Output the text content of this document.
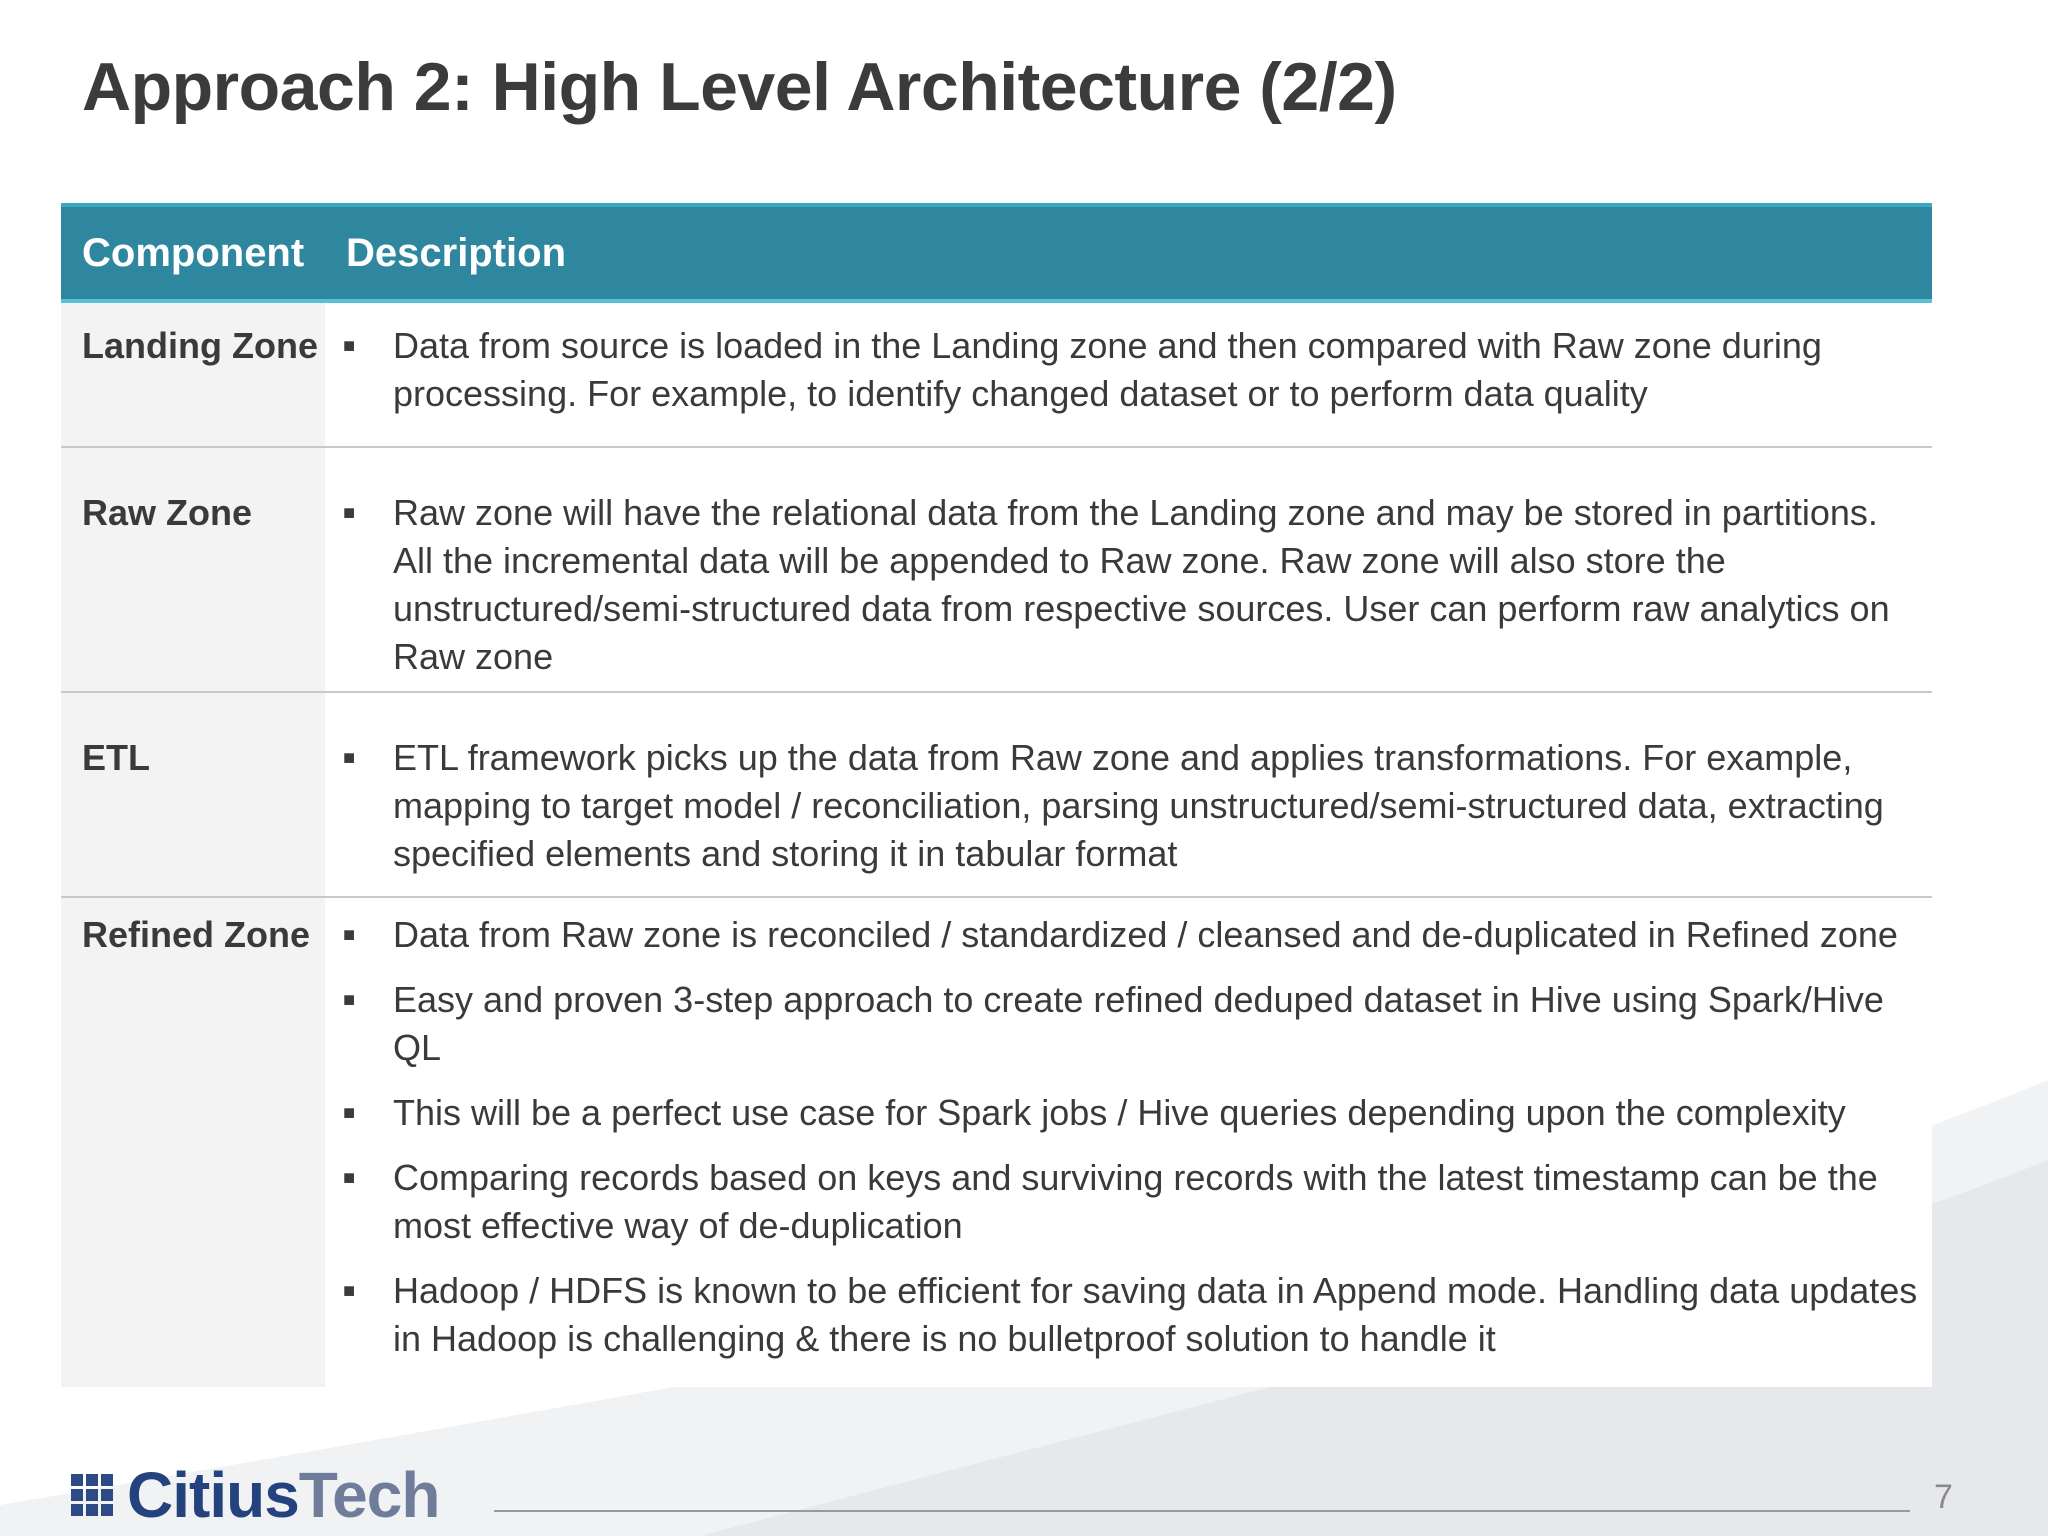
Approach 2: High Level Architecture (2/2)
Component	Description
Landing Zone	■	Data from source is loaded in the Landing zone and then compared with Raw zone during processing. For example, to identify changed dataset or to perform data quality
Raw Zone	■	Raw zone will have the relational data from the Landing zone and may be stored in partitions. All the incremental data will be appended to Raw zone. Raw zone will also store the unstructured/semi-structured data from respective sources. User can perform raw analytics on Raw zone
ETL	■	ETL framework picks up the data from Raw zone and applies transformations. For example, mapping to target model / reconciliation, parsing unstructured/semi-structured data, extracting specified elements and storing it in tabular format
Refined Zone	■	Data from Raw zone is reconciled / standardized / cleansed and de-duplicated in Refined zone
■	Easy and proven 3-step approach to create refined deduped dataset in Hive using Spark/Hive QL
■	This will be a perfect use case for Spark jobs / Hive queries depending upon the complexity
■	Comparing records based on keys and surviving records with the latest timestamp can be the most effective way of de-duplication
■	Hadoop / HDFS is known to be efficient for saving data in Append mode. Handling data updates in Hadoop is challenging & there is no bulletproof solution to handle it
Citius Tech	7
